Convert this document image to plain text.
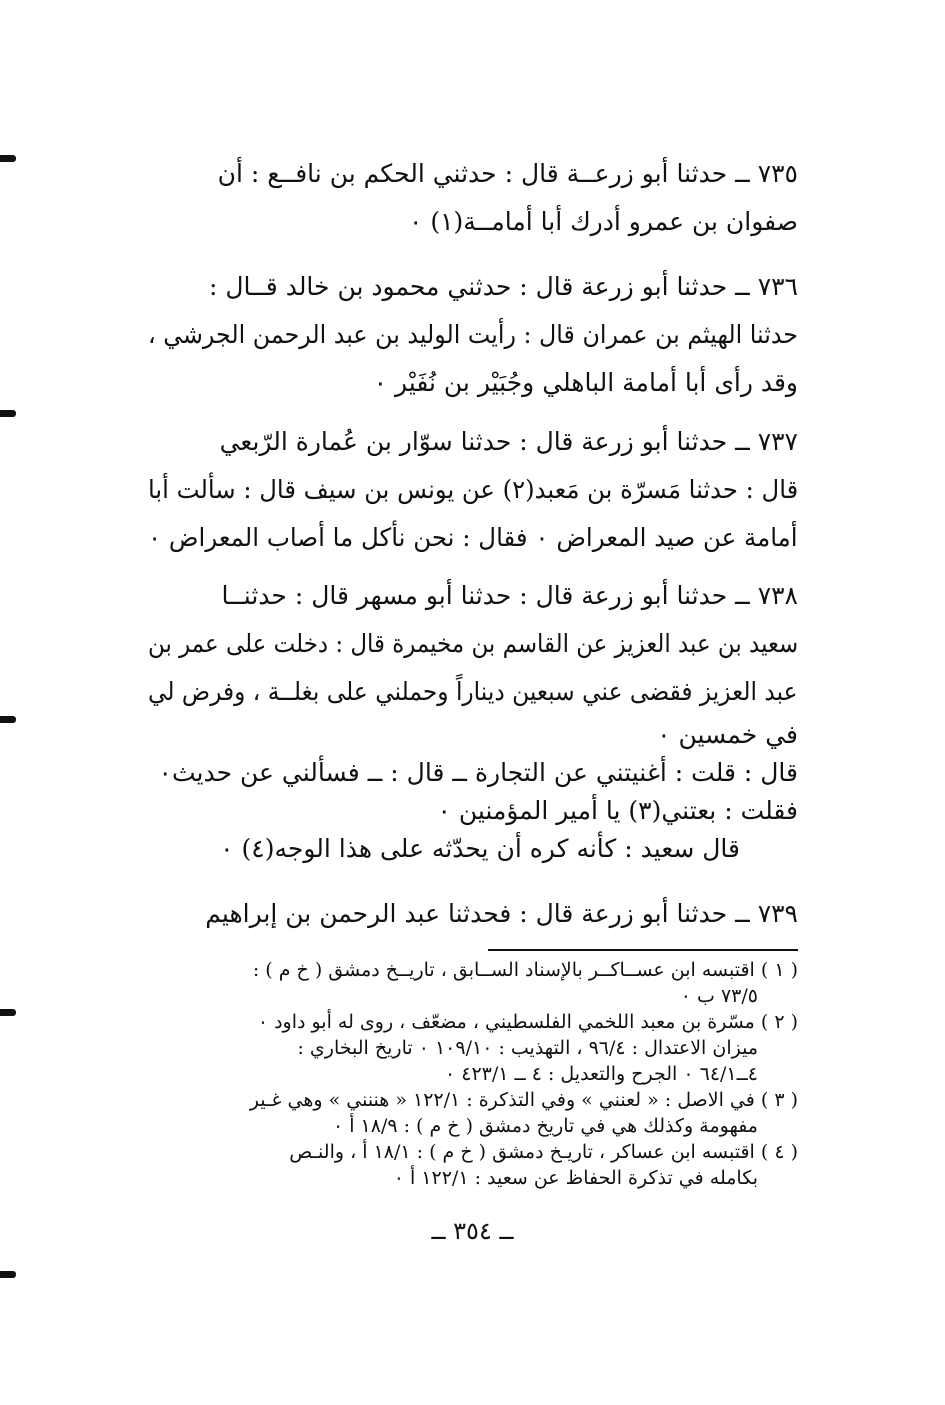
٧٣٥ ــ حدثنا أبو زرعــة قال : حدثني الحكم بن نافــع : أن
صفوان بن عمرو أدرك أبا أمامــة(١) ٠
٧٣٦ ــ حدثنا أبو زرعة قال : حدثني محمود بن خالد قــال :
حدثنا الهيثم بن عمران قال : رأيت الوليد بن عبد الرحمن الجرشي ،
وقد رأى أبا أمامة الباهلي وجُبَيْر بن نُفَيْر ٠
٧٣٧ ــ حدثنا أبو زرعة قال : حدثنا سوّار بن عُمارة الرّبعي
قال : حدثنا مَسرّة بن مَعبد(٢) عن يونس بن سيف قال : سألت أبا
أمامة عن صيد المعراض ٠ فقال : نحن نأكل ما أصاب المعراض ٠
٧٣٨ ــ حدثنا أبو زرعة قال : حدثنا أبو مسهر قال : حدثنــا
سعيد بن عبد العزيز عن القاسم بن مخيمرة قال : دخلت على عمر بن
عبد العزيز فقضى عني سبعين ديناراً وحملني على بغلــة ، وفرض لي
في خمسين ٠
قال : قلت : أغنيتني عن التجارة ــ قال : ــ فسألني عن حديث٠
فقلت : بعتني(٣) يا أمير المؤمنين ٠
قال سعيد : كأنه كره أن يحدّثه على هذا الوجه(٤) ٠
٧٣٩ ــ حدثنا أبو زرعة قال : فحدثنا عبد الرحمن بن إبراهيم
( ١ ) اقتبسه ابن عســاكــر بالإسناد الســابق ، تاريــخ دمشق ( خ م ) :
٧٣/٥ ب ٠
( ٢ ) مسّرة بن معبد اللخمي الفلسطيني ، مضعّف ، روى له أبو داود ٠
ميزان الاعتدال : ٩٦/٤ ، التهذيب : ١٠٩/١٠ ٠ تاريخ البخاري :
٤ــ٦٤/١ ٠ الجرح والتعديل : ٤ ــ ٤٢٣/١ ٠
( ٣ ) في الاصل : « لعنني » وفي التذكرة : ١٢٢/١ « هننني » وهي غـير
مفهومة وكذلك هي في تاريخ دمشق ( خ م ) : ١٨/٩ أ ٠
( ٤ ) اقتبسه ابن عساكر ، تاريـخ دمشق ( خ م ) : ١٨/١ أ ، والنـص
بكامله في تذكرة الحفاظ عن سعيد : ١٢٢/١ أ ٠
ــ ٣٥٤ ــ
